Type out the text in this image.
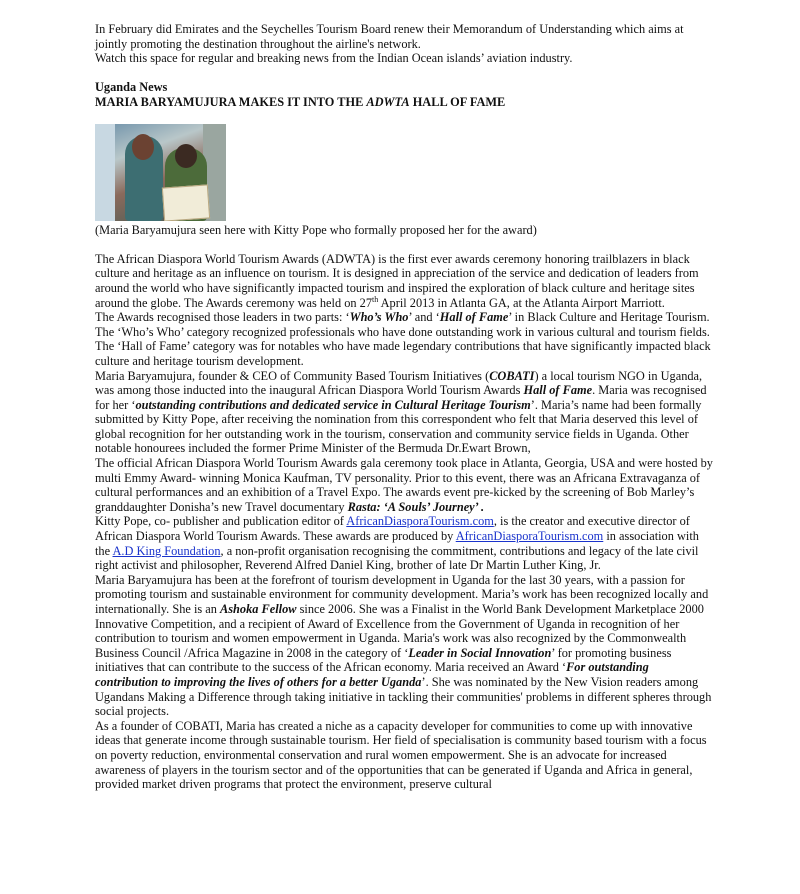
In February did Emirates and the Seychelles Tourism Board renew their Memorandum of Understanding which aims at jointly promoting the destination throughout the airline's network.
Watch this space for regular and breaking news from the Indian Ocean islands’ aviation industry.

Uganda News

MARIA BARYAMUJURA MAKES IT INTO THE ADWTA HALL OF FAME

(Maria Baryamujura seen here with Kitty Pope who formally proposed her for the award)

The African Diaspora World Tourism Awards (ADWTA) is the first ever awards ceremony honoring trailblazers in black culture and heritage as an influence on tourism. It is designed in appreciation of the service and dedication of leaders from around the world who have significantly impacted tourism and inspired the exploration of black culture and heritage sites around the globe. The Awards ceremony was held on 27th April 2013 in Atlanta GA, at the Atlanta Airport Marriott.

The Awards recognised those leaders in two parts: ‘Who’s Who’ and ‘Hall of Fame’ in Black Culture and Heritage Tourism. The ‘Who’s Who’ category recognized professionals who have done outstanding work in various cultural and tourism fields. The ‘Hall of Fame’ category was for notables who have made legendary contributions that have significantly impacted black culture and heritage tourism development.

Maria Baryamujura, founder & CEO of Community Based Tourism Initiatives (COBATI) a local tourism NGO in Uganda, was among those inducted into the inaugural African Diaspora World Tourism Awards Hall of Fame. Maria was recognised for her ‘outstanding contributions and dedicated service in Cultural Heritage Tourism’. Maria’s name had been formally submitted by Kitty Pope, after receiving the nomination from this correspondent who felt that Maria deserved this level of global recognition for her outstanding work in the tourism, conservation and community service fields in Uganda. Other notable honourees included the former Prime Minister of the Bermuda Dr.Ewart Brown,

The official African Diaspora World Tourism Awards gala ceremony took place in Atlanta, Georgia, USA and were hosted by multi Emmy Award- winning Monica Kaufman, TV personality. Prior to this event, there was an Africana Extravaganza of cultural performances and an exhibition of a Travel Expo. The awards event pre-kicked by the screening of Bob Marley’s granddaughter Donisha’s new Travel documentary Rasta: ‘A Souls’ Journey’ .

Kitty Pope, co- publisher and publication editor of AfricanDiasporaTourism.com, is the creator and executive director of African Diaspora World Tourism Awards. These awards are produced by AfricanDiasporaTourism.com in association with the A.D King Foundation, a non-profit organisation recognising the commitment, contributions and legacy of the late civil right activist and philosopher, Reverend Alfred Daniel King, brother of late Dr Martin Luther King, Jr.

Maria Baryamujura has been at the forefront of tourism development in Uganda for the last 30 years, with a passion for promoting tourism and sustainable environment for community development. Maria’s work has been recognized locally and internationally. She is an Ashoka Fellow since 2006. She was a Finalist in the World Bank Development Marketplace 2000 Innovative Competition, and a recipient of Award of Excellence from the Government of Uganda in recognition of her contribution to tourism and women empowerment in Uganda. Maria's work was also recognized by the Commonwealth Business Council /Africa Magazine in 2008 in the category of ‘Leader in Social Innovation’ for promoting business initiatives that can contribute to the success of the African economy. Maria received an Award ‘For outstanding contribution to improving the lives of others for a better Uganda’. She was nominated by the New Vision readers among Ugandans Making a Difference through taking initiative in tackling their communities' problems in different spheres through social projects.

As a founder of COBATI, Maria has created a niche as a capacity developer for communities to come up with innovative ideas that generate income through sustainable tourism. Her field of specialisation is community based tourism with a focus on poverty reduction, environmental conservation and rural women empowerment. She is an advocate for increased awareness of players in the tourism sector and of the opportunities that can be generated if Uganda and Africa in general, provided market driven programs that protect the environment, preserve cultural
